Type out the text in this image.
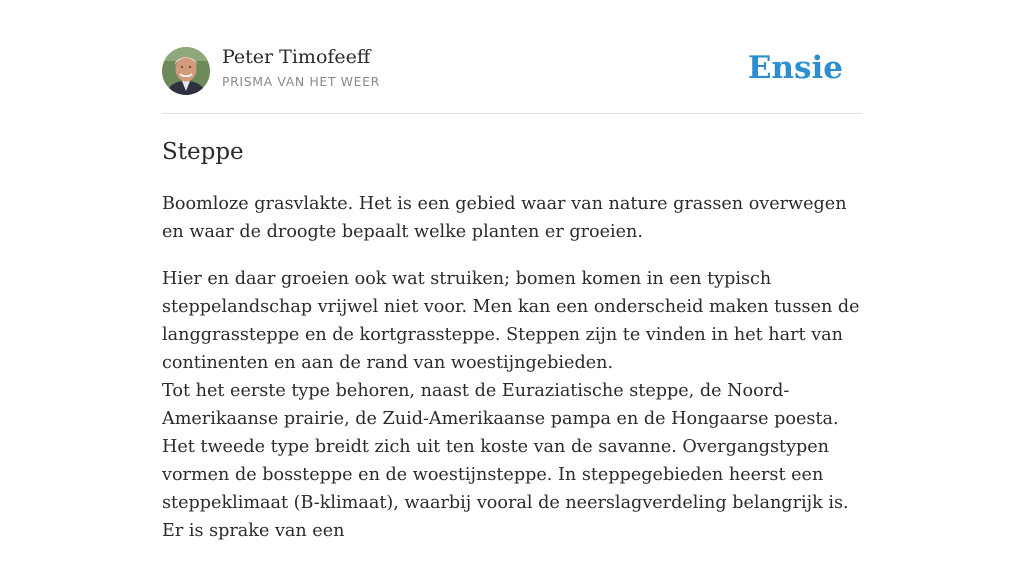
Peter Timofeeff
PRISMA VAN HET WEER	Ensie
Steppe

Boomloze grasvlakte. Het is een gebied waar van nature grassen overwegen en waar de droogte bepaalt welke planten er groeien.

Hier en daar groeien ook wat struiken; bomen komen in een typisch steppelandschap vrijwel niet voor. Men kan een onderscheid maken tussen de langgrassteppe en de kortgrassteppe. Steppen zijn te vinden in het hart van continenten en aan de rand van woestijngebieden.
Tot het eerste type behoren, naast de Euraziatische steppe, de Noord-Amerikaanse prairie, de Zuid-Amerikaanse pampa en de Hongaarse poesta. Het tweede type breidt zich uit ten koste van de savanne. Overgangstypen vormen de bossteppe en de woestijnsteppe. In steppegebieden heerst een steppeklimaat (B-klimaat), waarbij vooral de neerslagverdeling belangrijk is. Er is sprake van een
